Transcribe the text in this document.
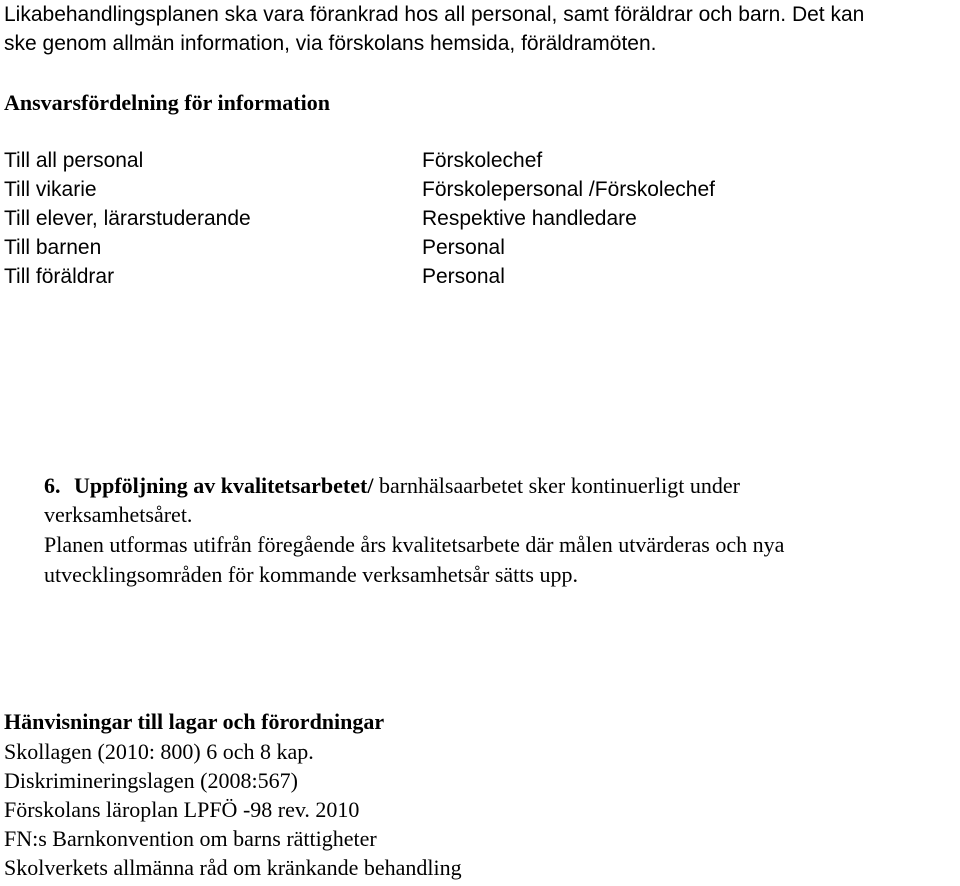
Likabehandlingsplanen ska vara förankrad hos all personal, samt föräldrar och barn. Det kan
ske genom allmän information, via förskolans hemsida, föräldramöten.
Ansvarsfördelning för information
Till all personal	Förskolechef
Till vikarie	Förskolepersonal /Förskolechef
Till elever, lärarstuderande	Respektive handledare
Till barnen	Personal
Till föräldrar	Personal
6. Uppföljning av kvalitetsarbetet/ barnhälsaarbetet sker kontinuerligt under
verksamhetsåret.
Planen utformas utifrån föregående års kvalitetsarbete där målen utvärderas och nya
utvecklingsområden för kommande verksamhetsår sätts upp.
Hänvisningar till lagar och förordningar
Skollagen (2010: 800) 6 och 8 kap.
Diskrimineringslagen (2008:567)
Förskolans läroplan LPFÖ -98 rev. 2010
FN:s Barnkonvention om barns rättigheter
Skolverkets allmänna råd om kränkande behandling
